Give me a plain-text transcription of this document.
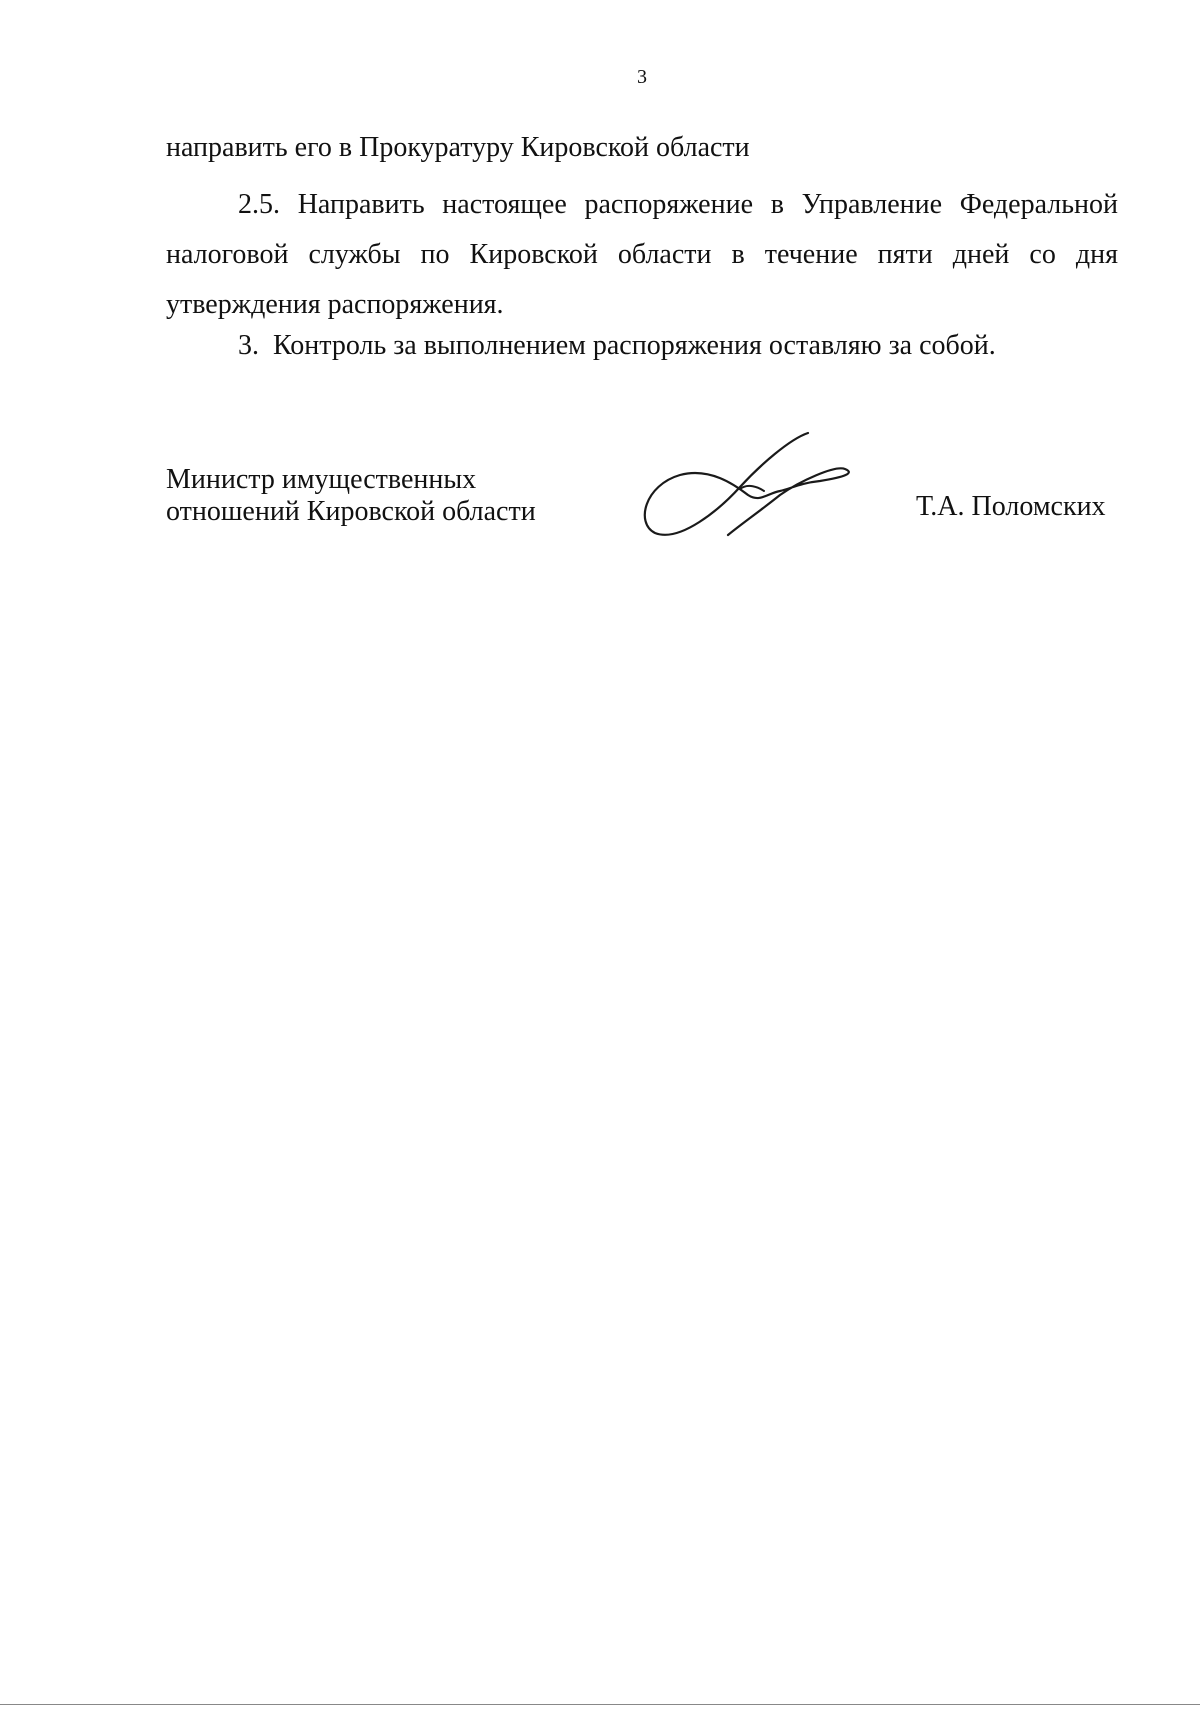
3
направить его в Прокуратуру Кировской области
2.5. Направить настоящее распоряжение в Управление Федеральной
налоговой службы по Кировской области в течение пяти дней со дня
утверждения распоряжения.
3.  Контроль за выполнением распоряжения оставляю за собой.
Министр имущественных
отношений Кировской области	Т.А. Поломских
